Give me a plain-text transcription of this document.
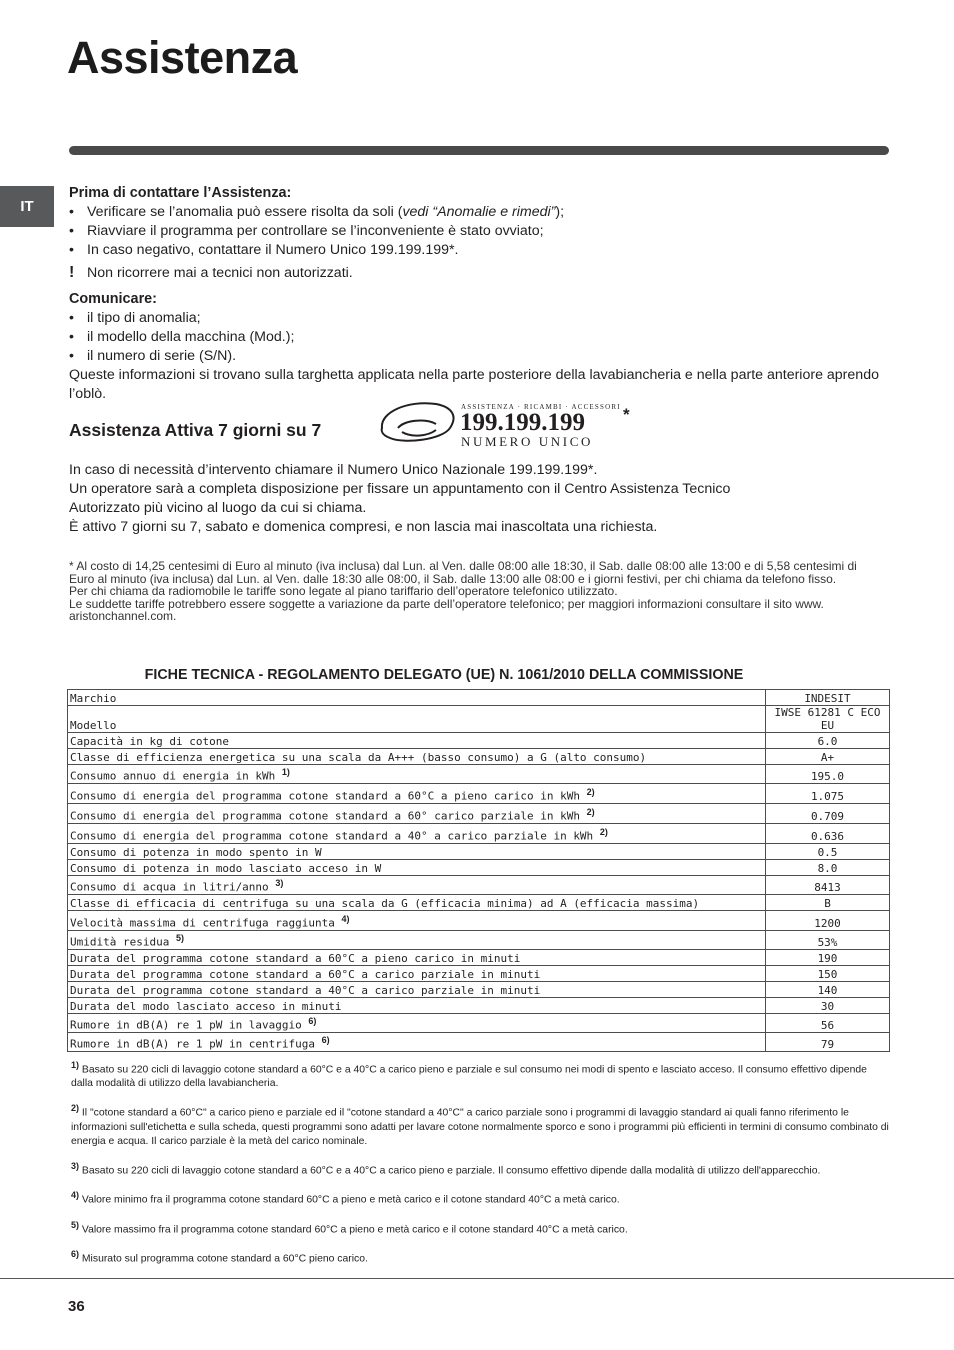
Assistenza
IT
Prima di contattare l’Assistenza:
• Verificare se l’anomalia può essere risolta da soli (vedi “Anomalie e rimedi”);
• Riavviare il programma per controllare se l’inconveniente è stato ovviato;
• In caso negativo, contattare il Numero Unico 199.199.199*.
! Non ricorrere mai a tecnici non autorizzati.
Comunicare:
• il tipo di anomalia;
• il modello della macchina (Mod.);
• il numero di serie (S/N).
Queste informazioni si trovano sulla targhetta applicata nella parte posteriore della lavabiancheria e nella parte anteriore aprendo l’oblò.
Assistenza Attiva 7 giorni su 7
ASSISTENZA · RICAMBI · ACCESSORI
199.199.199 *
NUMERO UNICO
In caso di necessità d’intervento chiamare il Numero Unico Nazionale 199.199.199*.
Un operatore sarà a completa disposizione per fissare un appuntamento con il Centro Assistenza Tecnico
Autorizzato più vicino al luogo da cui si chiama.
È attivo 7 giorni su 7, sabato e domenica compresi, e non lascia mai inascoltata una richiesta.
* Al costo di 14,25 centesimi di Euro al minuto (iva inclusa) dal Lun. al Ven. dalle 08:00 alle 18:30, il Sab. dalle 08:00 alle 13:00 e di 5,58 centesimi di
Euro al minuto (iva inclusa) dal Lun. al Ven. dalle 18:30 alle 08:00, il Sab. dalle 13:00 alle 08:00 e i giorni festivi, per chi chiama da telefono fisso.
Per chi chiama da radiomobile le tariffe sono legate al piano tariffario dell’operatore telefonico utilizzato.
Le suddette tariffe potrebbero essere soggette a variazione da parte dell’operatore telefonico; per maggiori informazioni consultare il sito www.
aristonchannel.com.
FICHE TECNICA - REGOLAMENTO DELEGATO (UE) N. 1061/2010 DELLA COMMISSIONE
Marchio	INDESIT
Modello	IWSE 61281 C ECO EU
Capacità in kg di cotone	6.0
Classe di efficienza energetica su una scala da A+++ (basso consumo) a G (alto consumo)	A+
Consumo annuo di energia in kWh $^{1)}$	195.0
Consumo di energia del programma cotone standard a 60°C a pieno carico in kWh $^{2)}$	1.075
Consumo di energia del programma cotone standard a 60° carico parziale in kWh $^{2)}$	0.709
Consumo di energia del programma cotone standard a 40° a carico parziale in kWh $^{2)}$	0.636
Consumo di potenza in modo spento in W	0.5
Consumo di potenza in modo lasciato acceso in W	8.0
Consumo di acqua in litri/anno $^{3)}$	8413
Classe di efficacia di centrifuga su una scala da G (efficacia minima) ad A (efficacia massima)	B
Velocità massima di centrifuga raggiunta $^{4)}$	1200
Umidità residua $^{5)}$	53%
Durata del programma cotone standard a 60°C a pieno carico in minuti	190
Durata del programma cotone standard a 60°C a carico parziale in minuti	150
Durata del programma cotone standard a 40°C a carico parziale in minuti	140
Durata del modo lasciato acceso in minuti	30
Rumore in dB(A) re 1 pW in lavaggio $^{6)}$	56
Rumore in dB(A) re 1 pW in centrifuga $^{6)}$	79
$^{1)}$ Basato su 220 cicli di lavaggio cotone standard a 60°C e a 40°C a carico pieno e parziale e sul consumo nei modi di spento e lasciato acceso. Il consumo effettivo dipende dalla modalità di utilizzo della lavabiancheria.
$^{2)}$ Il "cotone standard a 60°C" a carico pieno e parziale ed il "cotone standard a 40°C" a carico parziale sono i programmi di lavaggio standard ai quali fanno riferimento le informazioni sull'etichetta e sulla scheda, questi programmi sono adatti per lavare cotone normalmente sporco e sono i programmi più efficienti in termini di consumo combinato di energia e acqua. Il carico parziale è la metà del carico nominale.
$^{3)}$ Basato su 220 cicli di lavaggio cotone standard a 60°C e a 40°C a carico pieno e parziale. Il consumo effettivo dipende dalla modalità di utilizzo dell'apparecchio.
$^{4)}$ Valore minimo fra il programma cotone standard 60°C a pieno e metà carico e il cotone standard 40°C a metà carico.
$^{5)}$ Valore massimo fra il programma cotone standard 60°C a pieno e metà carico e il cotone standard 40°C a metà carico.
$^{6)}$ Misurato sul programma cotone standard a 60°C pieno carico.
36
